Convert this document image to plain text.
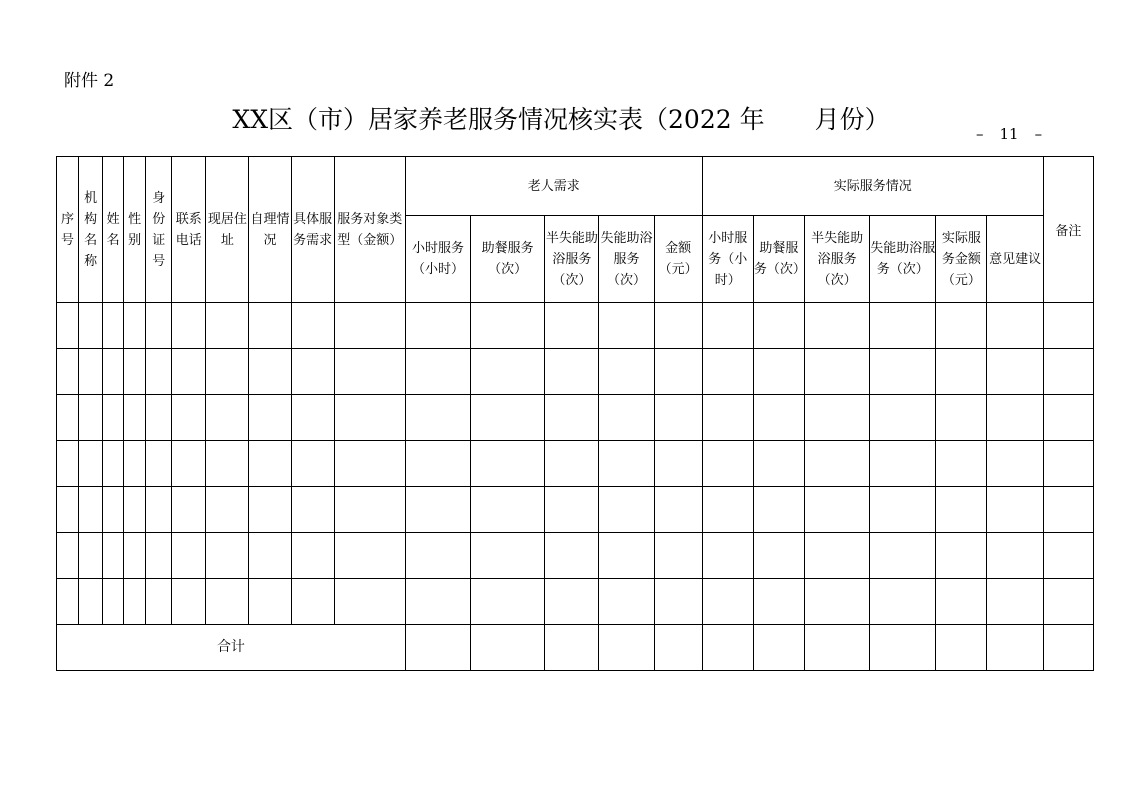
附件 2
XX区（市）居家养老服务情况核实表（2022 年　　月份）	– 11 –
序号	机构名称	姓名	性别	身份证号	联系电话	现居住址	自理情况	具体服务需求	服务对象类型（金额）	老人需求					实际服务情况						备注
										小时服务（小时）	助餐服务（次）	半失能助浴服务（次）	失能助浴服务（次）	金额（元）	小时服务（小时）	助餐服务（次）	半失能助浴服务（次）	失能助浴服务（次）	实际服务金额（元）	意见建议	

合计																					
